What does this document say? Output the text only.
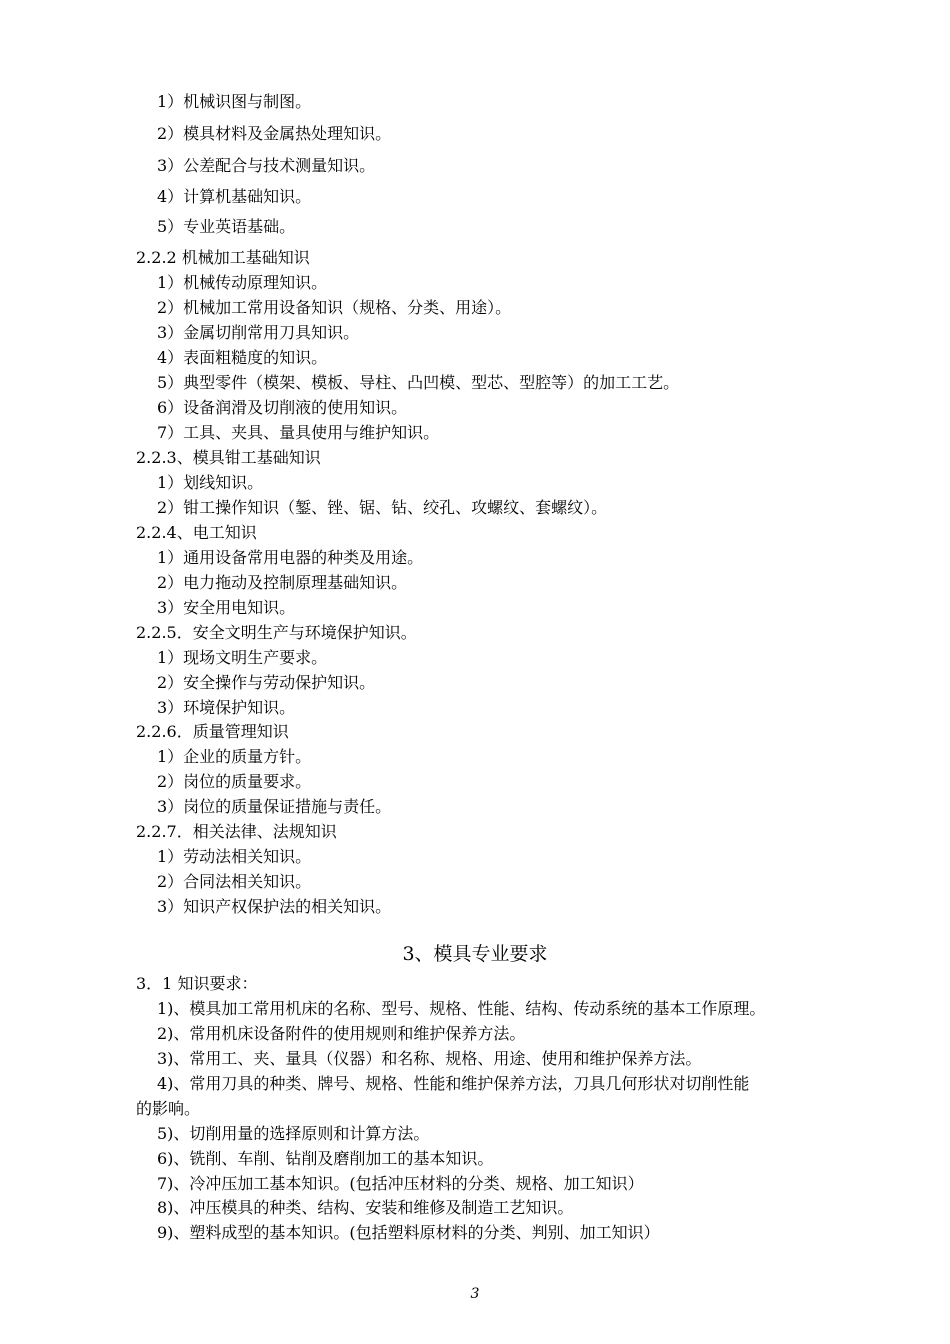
1）机械识图与制图。
2）模具材料及金属热处理知识。
3）公差配合与技术测量知识。
4）计算机基础知识。
5）专业英语基础。
2.2.2 机械加工基础知识
1）机械传动原理知识。
2）机械加工常用设备知识（规格、分类、用途）。
3）金属切削常用刀具知识。
4）表面粗糙度的知识。
5）典型零件（模架、模板、导柱、凸凹模、型芯、型腔等）的加工工艺。
6）设备润滑及切削液的使用知识。
7）工具、夹具、量具使用与维护知识。
2.2.3、模具钳工基础知识
1）划线知识。
2）钳工操作知识（錾、锉、锯、钻、绞孔、攻螺纹、套螺纹）。
2.2.4、电工知识
1）通用设备常用电器的种类及用途。
2）电力拖动及控制原理基础知识。
3）安全用电知识。
2.2.5．安全文明生产与环境保护知识。
1）现场文明生产要求。
2）安全操作与劳动保护知识。
3）环境保护知识。
2.2.6．质量管理知识
1）企业的质量方针。
2）岗位的质量要求。
3）岗位的质量保证措施与责任。
2.2.7．相关法律、法规知识
1）劳动法相关知识。
2）合同法相关知识。
3）知识产权保护法的相关知识。
3、模具专业要求
3．1 知识要求：
1)、模具加工常用机床的名称、型号、规格、性能、结构、传动系统的基本工作原理。
2)、常用机床设备附件的使用规则和维护保养方法。
3)、常用工、夹、量具（仪器）和名称、规格、用途、使用和维护保养方法。
4)、常用刀具的种类、牌号、规格、性能和维护保养方法，刀具几何形状对切削性能
的影响。
5)、切削用量的选择原则和计算方法。
6)、铣削、车削、钻削及磨削加工的基本知识。
7)、冷冲压加工基本知识。(包括冲压材料的分类、规格、加工知识）
8)、冲压模具的种类、结构、安装和维修及制造工艺知识。
9)、塑料成型的基本知识。(包括塑料原材料的分类、判别、加工知识）
3
